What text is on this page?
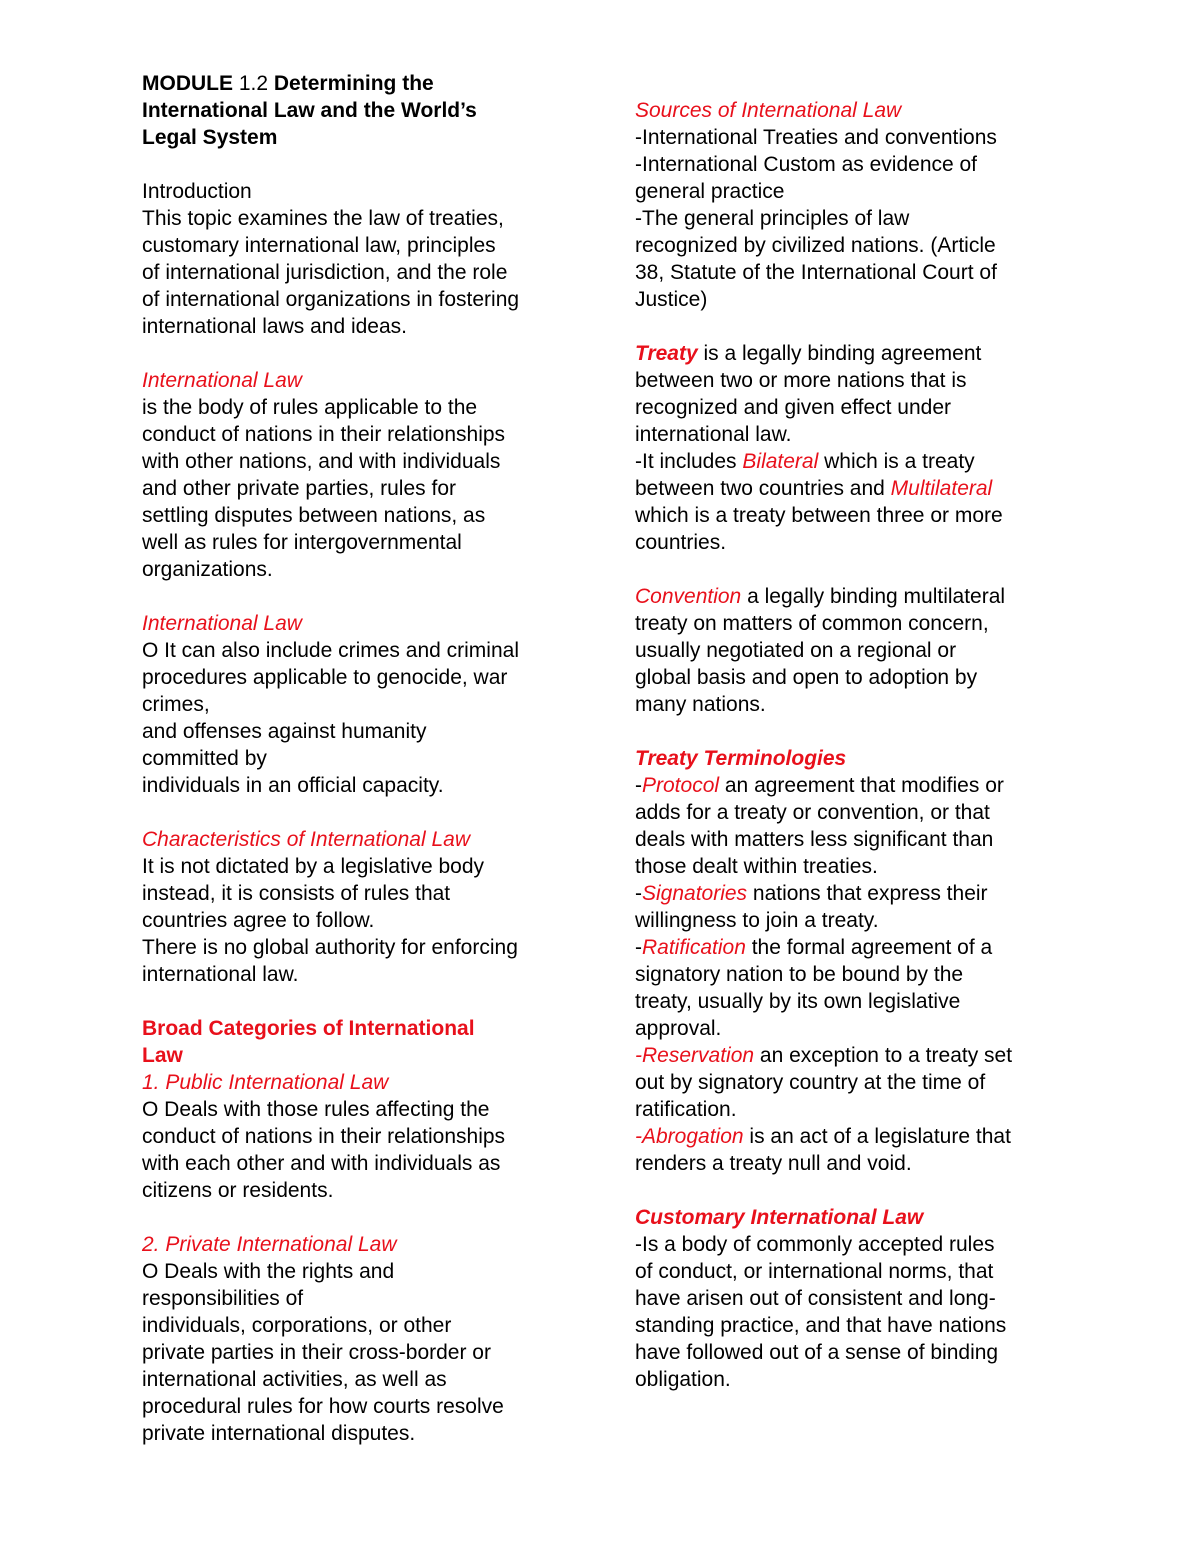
MODULE 1.2 Determining the
International Law and the World’s
Legal System
Introduction
This topic examines the law of treaties,
customary international law, principles
of international jurisdiction, and the role
of international organizations in fostering
international laws and ideas.
International Law
is the body of rules applicable to the
conduct of nations in their relationships
with other nations, and with individuals
and other private parties, rules for
settling disputes between nations, as
well as rules for intergovernmental
organizations.
International Law
O It can also include crimes and criminal
procedures applicable to genocide, war
crimes,
and offenses against humanity
committed by
individuals in an official capacity.
Characteristics of International Law
It is not dictated by a legislative body
instead, it is consists of rules that
countries agree to follow.
There is no global authority for enforcing
international law.
Broad Categories of International
Law
1. Public International Law
O Deals with those rules affecting the
conduct of nations in their relationships
with each other and with individuals as
citizens or residents.
2. Private International Law
O Deals with the rights and
responsibilities of
individuals, corporations, or other
private parties in their cross-border or
international activities, as well as
procedural rules for how courts resolve
private international disputes.
Sources of International Law
-International Treaties and conventions
-International Custom as evidence of
general practice
-The general principles of law
recognized by civilized nations. (Article
38, Statute of the International Court of
Justice)
Treaty is a legally binding agreement
between two or more nations that is
recognized and given effect under
international law.
-It includes Bilateral which is a treaty
between two countries and Multilateral
which is a treaty between three or more
countries.
Convention a legally binding multilateral
treaty on matters of common concern,
usually negotiated on a regional or
global basis and open to adoption by
many nations.
Treaty Terminologies
-Protocol an agreement that modifies or
adds for a treaty or convention, or that
deals with matters less significant than
those dealt within treaties.
-Signatories nations that express their
willingness to join a treaty.
-Ratification the formal agreement of a
signatory nation to be bound by the
treaty, usually by its own legislative
approval.
-Reservation an exception to a treaty set
out by signatory country at the time of
ratification.
-Abrogation is an act of a legislature that
renders a treaty null and void.
Customary International Law
-Is a body of commonly accepted rules
of conduct, or international norms, that
have arisen out of consistent and long-
standing practice, and that have nations
have followed out of a sense of binding
obligation.
